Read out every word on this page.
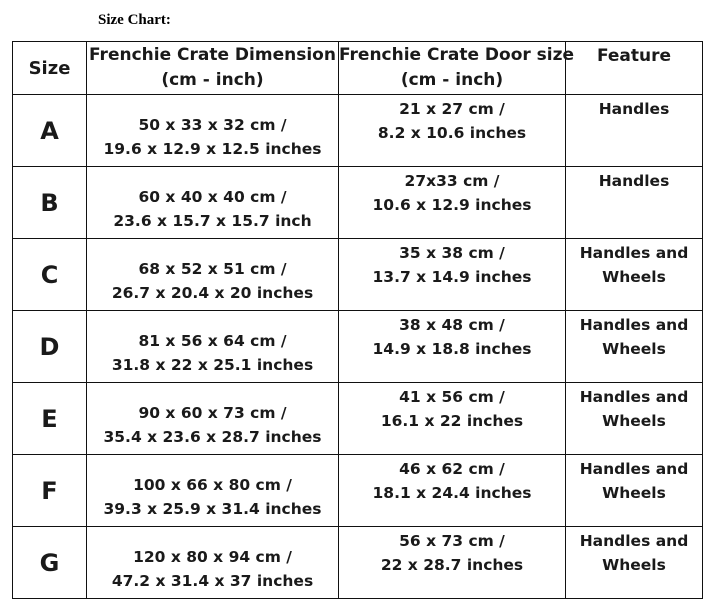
Size Chart:
Size	Frenchie Crate Dimension
(cm - inch)	Frenchie Crate Door size
(cm - inch)	Feature

A	50 x 33 x 32 cm /
19.6 x 12.9 x 12.5 inches	21 x 27 cm /
8.2 x 10.6 inches	Handles

B	60 x 40 x 40 cm /
23.6 x 15.7 x 15.7 inch	27x33 cm /
10.6 x 12.9 inches	Handles

C	68 x 52 x 51 cm /
26.7 x 20.4 x 20 inches	35 x 38 cm /
13.7 x 14.9 inches	Handles and
Wheels

D	81 x 56 x 64 cm /
31.8 x 22 x 25.1 inches	38 x 48 cm /
14.9 x 18.8 inches	Handles and
Wheels

E	90 x 60 x 73 cm /
35.4 x 23.6 x 28.7 inches	41 x 56 cm /
16.1 x 22 inches	Handles and
Wheels

F	100 x 66 x 80 cm /
39.3 x 25.9 x 31.4 inches	46 x 62 cm /
18.1 x 24.4 inches	Handles and
Wheels

G	120 x 80 x 94 cm /
47.2 x 31.4 x 37 inches	56 x 73 cm /
22 x 28.7 inches	Handles and
Wheels
